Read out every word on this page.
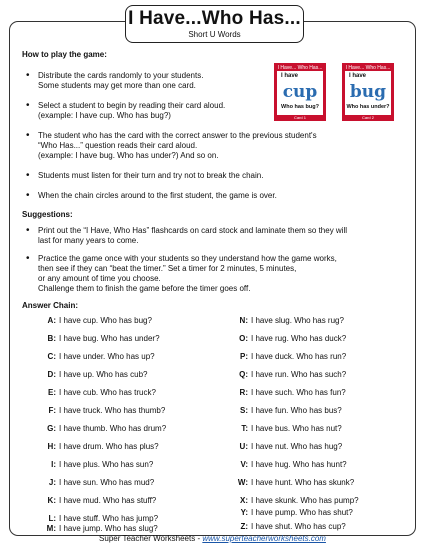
I Have...Who Has...
Short U Words
How to play the game:
• Distribute the cards randomly to your students.
Some students may get more than one card.
• Select a student to begin by reading their card aloud.
(example: I have cup. Who has bug?)
• The student who has the card with the correct answer to the previous student's
“Who Has...” question reads their card aloud.
(example: I have bug. Who has under?) And so on.
• Students must listen for their turn and try not to break the chain.
• When the chain circles around to the first student, the game is over.
Suggestions:
• Print out the “I Have, Who Has” flashcards on card stock and laminate them so they will
last for many years to come.
• Practice the game once with your students so they understand how the game works,
then see if they can “beat the timer.” Set a timer for 2 minutes, 5 minutes,
or any amount of time you choose.
Challenge them to finish the game before the timer goes off.
Answer Chain:
I Have... Who Has...
I have
cup
Who has bug?
Card 1
I Have... Who Has...
I have
bug
Who has under?
Card 2
A: I have cup. Who has bug?
B: I have bug. Who has under?
C: I have under. Who has up?
D: I have up. Who has cub?
E: I have cub. Who has truck?
F: I have truck. Who has thumb?
G: I have thumb. Who has drum?
H: I have drum. Who has plus?
I: I have plus. Who has sun?
J: I have sun. Who has mud?
K: I have mud. Who has stuff?
L: I have stuff. Who has jump?
M: I have jump. Who has slug?
N: I have slug. Who has rug?
O: I have rug. Who has duck?
P: I have duck. Who has run?
Q: I have run. Who has such?
R: I have such. Who has fun?
S: I have fun. Who has bus?
T: I have bus. Who has nut?
U: I have nut. Who has hug?
V: I have hug. Who has hunt?
W: I have hunt. Who has skunk?
X: I have skunk. Who has pump?
Y: I have pump. Who has shut?
Z: I have shut. Who has cup?
Super Teacher Worksheets - www.superteacherworksheets.com
